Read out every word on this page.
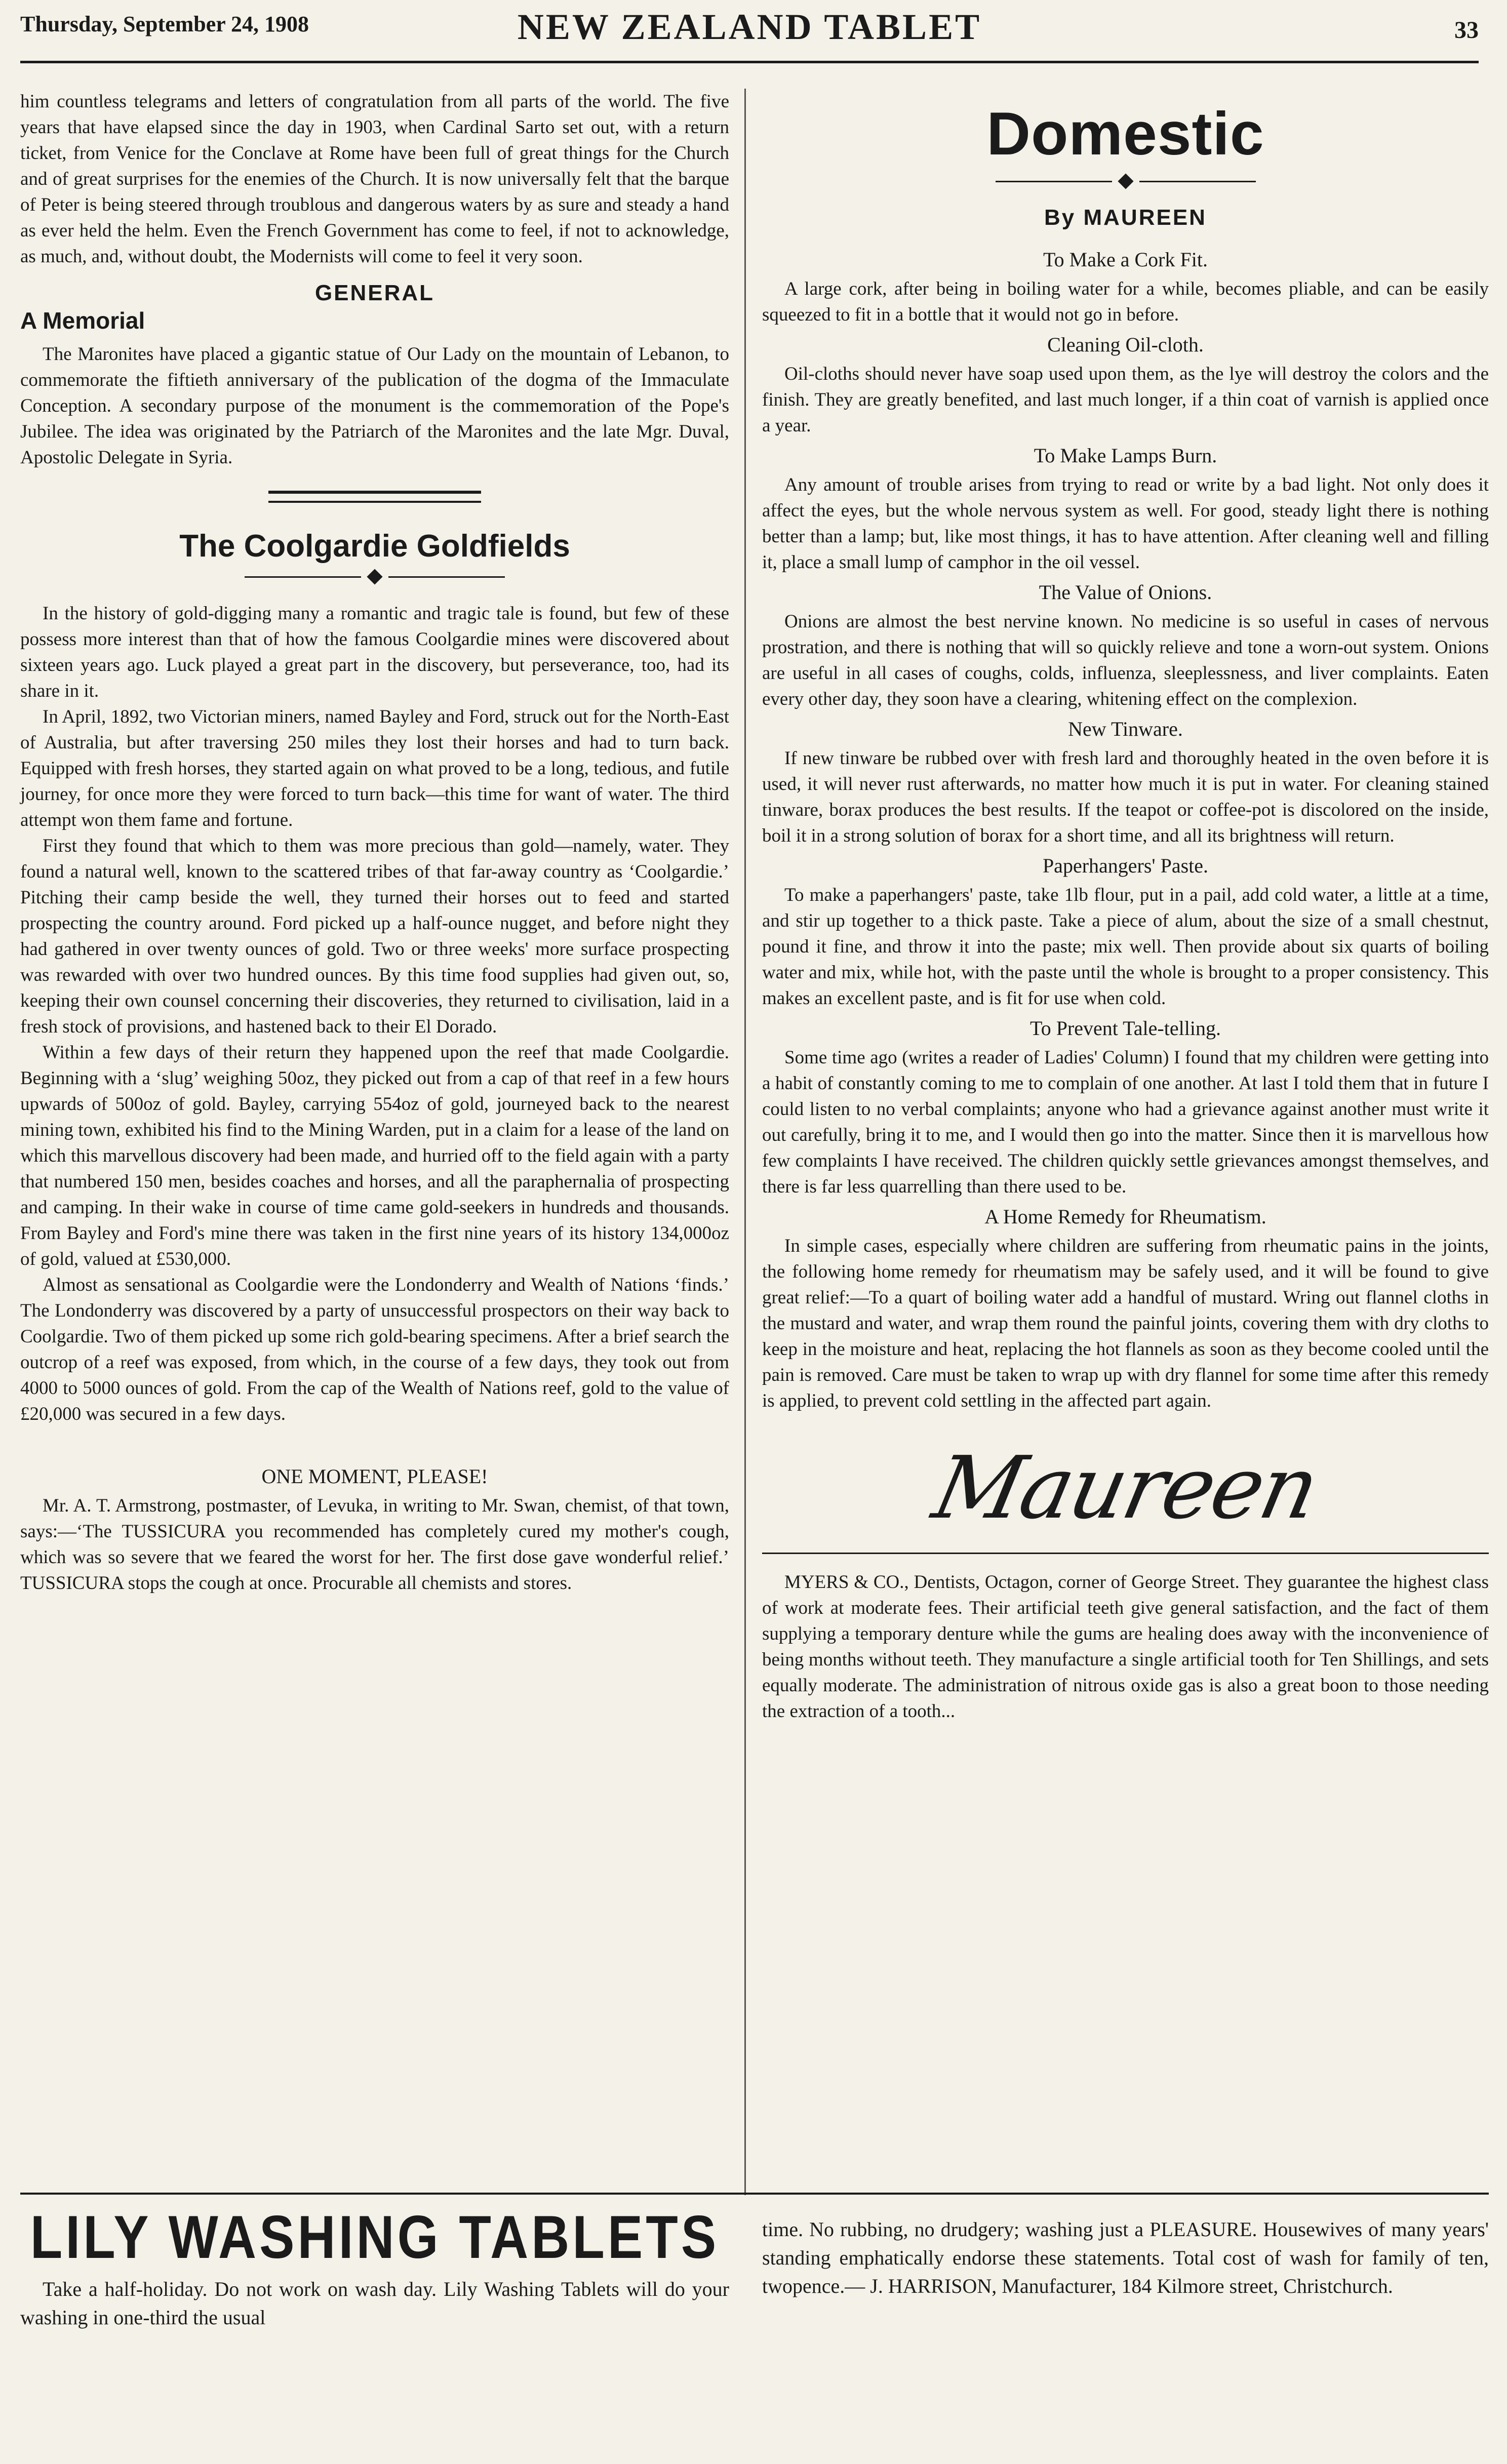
Thursday, September 24, 1908	NEW ZEALAND TABLET	33

him countless telegrams and letters of congratulation from all parts of the world. The five years that have elapsed since the day in 1903, when Cardinal Sarto set out, with a return ticket, from Venice for the Conclave at Rome have been full of great things for the Church and of great surprises for the enemies of the Church. It is now universally felt that the barque of Peter is being steered through troublous and dangerous waters by as sure and steady a hand as ever held the helm. Even the French Government has come to feel, if not to acknowledge, as much, and, without doubt, the Modernists will come to feel it very soon.

GENERAL
A Memorial

The Maronites have placed a gigantic statue of Our Lady on the mountain of Lebanon, to commemorate the fiftieth anniversary of the publication of the dogma of the Immaculate Conception. A secondary purpose of the monument is the commemoration of the Pope's Jubilee. The idea was originated by the Patriarch of the Maronites and the late Mgr. Duval, Apostolic Delegate in Syria.

The Coolgardie Goldfields

In the history of gold-digging many a romantic and tragic tale is found, but few of these possess more interest than that of how the famous Coolgardie mines were discovered about sixteen years ago. Luck played a great part in the discovery, but perseverance, too, had its share in it.

In April, 1892, two Victorian miners, named Bayley and Ford, struck out for the North-East of Australia, but after traversing 250 miles they lost their horses and had to turn back. Equipped with fresh horses, they started again on what proved to be a long, tedious, and futile journey, for once more they were forced to turn back—this time for want of water. The third attempt won them fame and fortune.

First they found that which to them was more precious than gold—namely, water. They found a natural well, known to the scattered tribes of that far-away country as ‘Coolgardie.’ Pitching their camp beside the well, they turned their horses out to feed and started prospecting the country around. Ford picked up a half-ounce nugget, and before night they had gathered in over twenty ounces of gold. Two or three weeks' more surface prospecting was rewarded with over two hundred ounces. By this time food supplies had given out, so, keeping their own counsel concerning their discoveries, they returned to civilisation, laid in a fresh stock of provisions, and hastened back to their El Dorado.

Within a few days of their return they happened upon the reef that made Coolgardie. Beginning with a ‘slug’ weighing 50oz, they picked out from a cap of that reef in a few hours upwards of 500oz of gold. Bayley, carrying 554oz of gold, journeyed back to the nearest mining town, exhibited his find to the Mining Warden, put in a claim for a lease of the land on which this marvellous discovery had been made, and hurried off to the field again with a party that numbered 150 men, besides coaches and horses, and all the paraphernalia of prospecting and camping. In their wake in course of time came gold-seekers in hundreds and thousands. From Bayley and Ford's mine there was taken in the first nine years of its history 134,000oz of gold, valued at £530,000.

Almost as sensational as Coolgardie were the Londonderry and Wealth of Nations ‘finds.’ The Londonderry was discovered by a party of unsuccessful prospectors on their way back to Coolgardie. Two of them picked up some rich gold-bearing specimens. After a brief search the outcrop of a reef was exposed, from which, in the course of a few days, they took out from 4000 to 5000 ounces of gold. From the cap of the Wealth of Nations reef, gold to the value of £20,000 was secured in a few days.

ONE MOMENT, PLEASE!

Mr. A. T. Armstrong, postmaster, of Levuka, in writing to Mr. Swan, chemist, of that town, says:—‘The TUSSICURA you recommended has completely cured my mother's cough, which was so severe that we feared the worst for her. The first dose gave wonderful relief.’ TUSSICURA stops the cough at once. Procurable all chemists and stores.

Domestic
By MAUREEN
To Make a Cork Fit.

A large cork, after being in boiling water for a while, becomes pliable, and can be easily squeezed to fit in a bottle that it would not go in before.

Cleaning Oil-cloth.

Oil-cloths should never have soap used upon them, as the lye will destroy the colors and the finish. They are greatly benefited, and last much longer, if a thin coat of varnish is applied once a year.

To Make Lamps Burn.

Any amount of trouble arises from trying to read or write by a bad light. Not only does it affect the eyes, but the whole nervous system as well. For good, steady light there is nothing better than a lamp; but, like most things, it has to have attention. After cleaning well and filling it, place a small lump of camphor in the oil vessel.

The Value of Onions.

Onions are almost the best nervine known. No medicine is so useful in cases of nervous prostration, and there is nothing that will so quickly relieve and tone a worn-out system. Onions are useful in all cases of coughs, colds, influenza, sleeplessness, and liver complaints. Eaten every other day, they soon have a clearing, whitening effect on the complexion.

New Tinware.

If new tinware be rubbed over with fresh lard and thoroughly heated in the oven before it is used, it will never rust afterwards, no matter how much it is put in water. For cleaning stained tinware, borax produces the best results. If the teapot or coffee-pot is discolored on the inside, boil it in a strong solution of borax for a short time, and all its brightness will return.

Paperhangers' Paste.

To make a paperhangers' paste, take 1lb flour, put in a pail, add cold water, a little at a time, and stir up together to a thick paste. Take a piece of alum, about the size of a small chestnut, pound it fine, and throw it into the paste; mix well. Then provide about six quarts of boiling water and mix, while hot, with the paste until the whole is brought to a proper consistency. This makes an excellent paste, and is fit for use when cold.

To Prevent Tale-telling.

Some time ago (writes a reader of Ladies' Column) I found that my children were getting into a habit of constantly coming to me to complain of one another. At last I told them that in future I could listen to no verbal complaints; anyone who had a grievance against another must write it out carefully, bring it to me, and I would then go into the matter. Since then it is marvellous how few complaints I have received. The children quickly settle grievances amongst themselves, and there is far less quarrelling than there used to be.

A Home Remedy for Rheumatism.

In simple cases, especially where children are suffering from rheumatic pains in the joints, the following home remedy for rheumatism may be safely used, and it will be found to give great relief:—To a quart of boiling water add a handful of mustard. Wring out flannel cloths in the mustard and water, and wrap them round the painful joints, covering them with dry cloths to keep in the moisture and heat, replacing the hot flannels as soon as they become cooled until the pain is removed. Care must be taken to wrap up with dry flannel for some time after this remedy is applied, to prevent cold settling in the affected part again.

Maureen

MYERS & CO., Dentists, Octagon, corner of George Street. They guarantee the highest class of work at moderate fees. Their artificial teeth give general satisfaction, and the fact of them supplying a temporary denture while the gums are healing does away with the inconvenience of being months without teeth. They manufacture a single artificial tooth for Ten Shillings, and sets equally moderate. The administration of nitrous oxide gas is also a great boon to those needing the extraction of a tooth...

LILY WASHING TABLETS

Take a half-holiday. Do not work on wash day. Lily Washing Tablets will do your washing in one-third the usual

time. No rubbing, no drudgery; washing just a PLEASURE. Housewives of many years' standing emphatically endorse these statements. Total cost of wash for family of ten, twopence.— J. HARRISON, Manufacturer, 184 Kilmore street, Christchurch.
